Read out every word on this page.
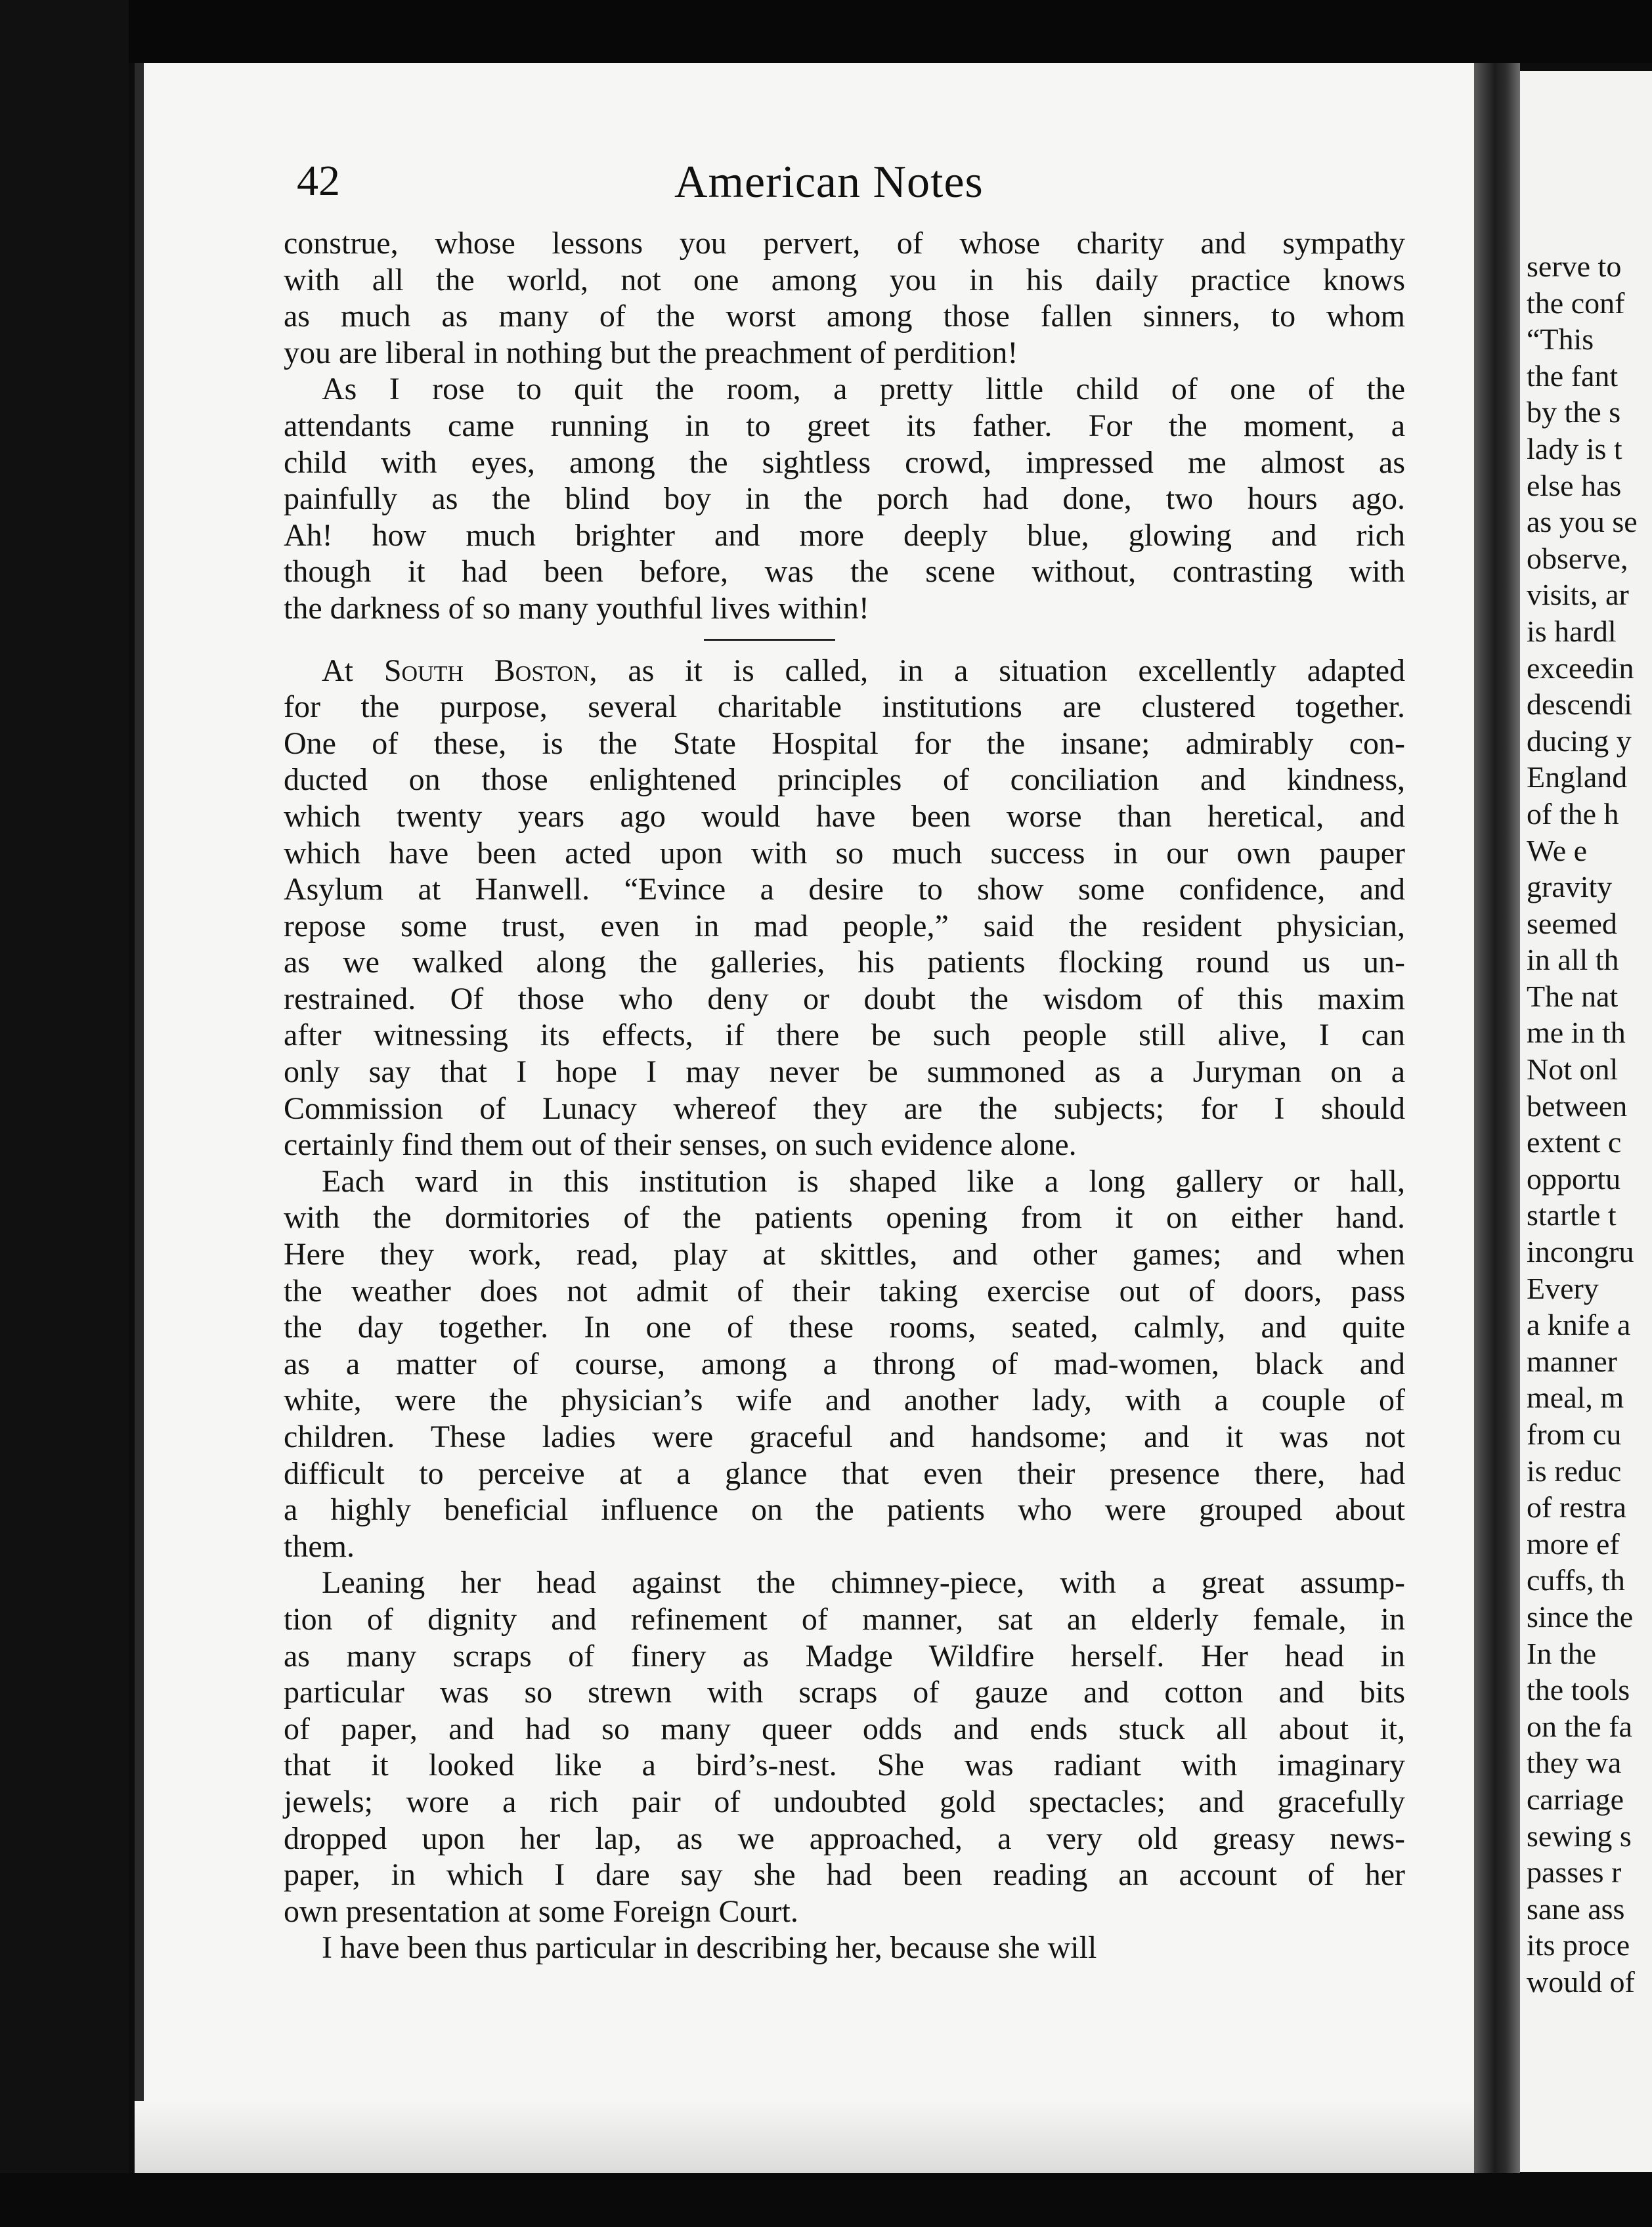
42	American Notes
construe, whose lessons you pervert, of whose charity and sympathy
with all the world, not one among you in his daily practice knows
as much as many of the worst among those fallen sinners, to whom
you are liberal in nothing but the preachment of perdition!
As I rose to quit the room, a pretty little child of one of the
attendants came running in to greet its father. For the moment, a
child with eyes, among the sightless crowd, impressed me almost as
painfully as the blind boy in the porch had done, two hours ago.
Ah! how much brighter and more deeply blue, glowing and rich
though it had been before, was the scene without, contrasting with
the darkness of so many youthful lives within!
At South Boston, as it is called, in a situation excellently adapted
for the purpose, several charitable institutions are clustered together.
One of these, is the State Hospital for the insane; admirably con-
ducted on those enlightened principles of conciliation and kindness,
which twenty years ago would have been worse than heretical, and
which have been acted upon with so much success in our own pauper
Asylum at Hanwell. “Evince a desire to show some confidence, and
repose some trust, even in mad people,” said the resident physician,
as we walked along the galleries, his patients flocking round us un-
restrained. Of those who deny or doubt the wisdom of this maxim
after witnessing its effects, if there be such people still alive, I can
only say that I hope I may never be summoned as a Juryman on a
Commission of Lunacy whereof they are the subjects; for I should
certainly find them out of their senses, on such evidence alone.
Each ward in this institution is shaped like a long gallery or hall,
with the dormitories of the patients opening from it on either hand.
Here they work, read, play at skittles, and other games; and when
the weather does not admit of their taking exercise out of doors, pass
the day together. In one of these rooms, seated, calmly, and quite
as a matter of course, among a throng of mad-women, black and
white, were the physician’s wife and another lady, with a couple of
children. These ladies were graceful and handsome; and it was not
difficult to perceive at a glance that even their presence there, had
a highly beneficial influence on the patients who were grouped about
them.
Leaning her head against the chimney-piece, with a great assump-
tion of dignity and refinement of manner, sat an elderly female, in
as many scraps of finery as Madge Wildfire herself. Her head in
particular was so strewn with scraps of gauze and cotton and bits
of paper, and had so many queer odds and ends stuck all about it,
that it looked like a bird’s-nest. She was radiant with imaginary
jewels; wore a rich pair of undoubted gold spectacles; and gracefully
dropped upon her lap, as we approached, a very old greasy news-
paper, in which I dare say she had been reading an account of her
own presentation at some Foreign Court.
I have been thus particular in describing her, because she will
serve to
the conf
“This
the fant
by the s
lady is t
else has
as you se
observe,
visits, ar
is hardl
exceedin
descendi
ducing y
England
of the h
We e
gravity
seemed
in all th
The nat
me in th
Not onl
between
extent c
opportu
startle t
incongru
Every
a knife a
manner
meal, m
from cu
is reduc
of restra
more ef
cuffs, th
since the
In the
the tools
on the fa
they wa
carriage
sewing s
passes r
sane ass
its proce
would of
